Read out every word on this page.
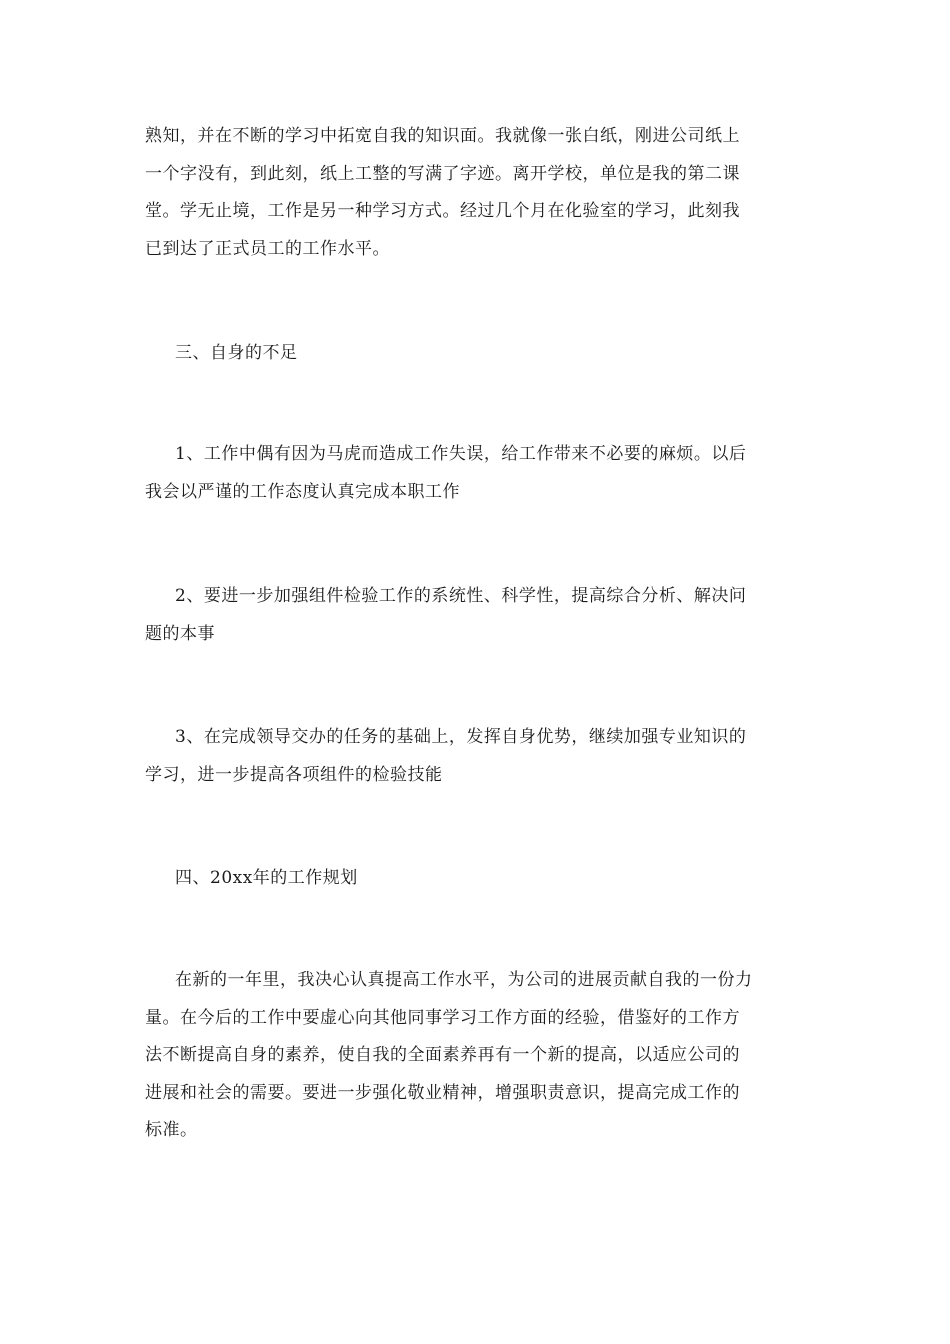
熟知，并在不断的学习中拓宽自我的知识面。我就像一张白纸，刚进公司纸上
一个字没有，到此刻，纸上工整的写满了字迹。离开学校，单位是我的第二课
堂。学无止境，工作是另一种学习方式。经过几个月在化验室的学习，此刻我
已到达了正式员工的工作水平。

三、自身的不足

1、工作中偶有因为马虎而造成工作失误，给工作带来不必要的麻烦。以后
我会以严谨的工作态度认真完成本职工作

2、要进一步加强组件检验工作的系统性、科学性，提高综合分析、解决问
题的本事

3、在完成领导交办的任务的基础上，发挥自身优势，继续加强专业知识的
学习，进一步提高各项组件的检验技能

四、20xx年的工作规划

在新的一年里，我决心认真提高工作水平，为公司的进展贡献自我的一份力
量。在今后的工作中要虚心向其他同事学习工作方面的经验，借鉴好的工作方
法不断提高自身的素养，使自我的全面素养再有一个新的提高，以适应公司的
进展和社会的需要。要进一步强化敬业精神，增强职责意识，提高完成工作的
标准。
